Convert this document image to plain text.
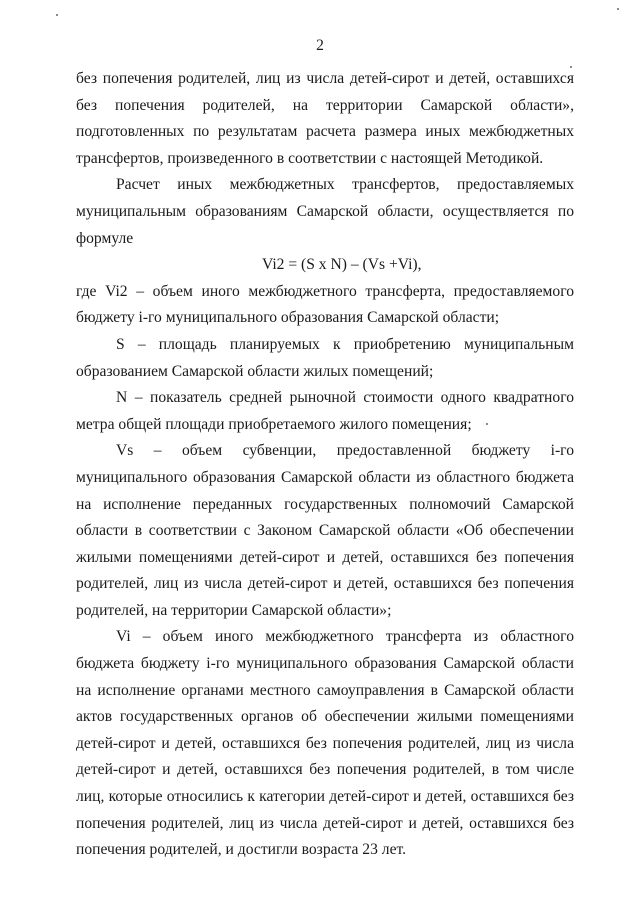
2

без попечения родителей, лиц из числа детей-сирот и детей, оставшихся без попечения родителей, на территории Самарской области», подготовленных по результатам расчета размера иных межбюджетных трансфертов, произведенного в соответствии с настоящей Методикой.

Расчет иных межбюджетных трансфертов, предоставляемых муниципальным образованиям Самарской области, осуществляется по формуле

Vi2 = (S x N) – (Vs +Vi),

где Vi2 – объем иного межбюджетного трансферта, предоставляемого бюджету i-го муниципального образования Самарской области;

S – площадь планируемых к приобретению муниципальным образованием Самарской области жилых помещений;

N – показатель средней рыночной стоимости одного квадратного метра общей площади приобретаемого жилого помещения;

Vs – объем субвенции, предоставленной бюджету i-го муниципального образования Самарской области из областного бюджета на исполнение переданных государственных полномочий Самарской области в соответствии с Законом Самарской области «Об обеспечении жилыми помещениями детей-сирот и детей, оставшихся без попечения родителей, лиц из числа детей-сирот и детей, оставшихся без попечения родителей, на территории Самарской области»;

Vi – объем иного межбюджетного трансферта из областного бюджета бюджету i-го муниципального образования Самарской области на исполнение органами местного самоуправления в Самарской области актов государственных органов об обеспечении жилыми помещениями детей-сирот и детей, оставшихся без попечения родителей, лиц из числа детей-сирот и детей, оставшихся без попечения родителей, в том числе лиц, которые относились к категории детей-сирот и детей, оставшихся без попечения родителей, лиц из числа детей-сирот и детей, оставшихся без попечения родителей, и достигли возраста 23 лет.
